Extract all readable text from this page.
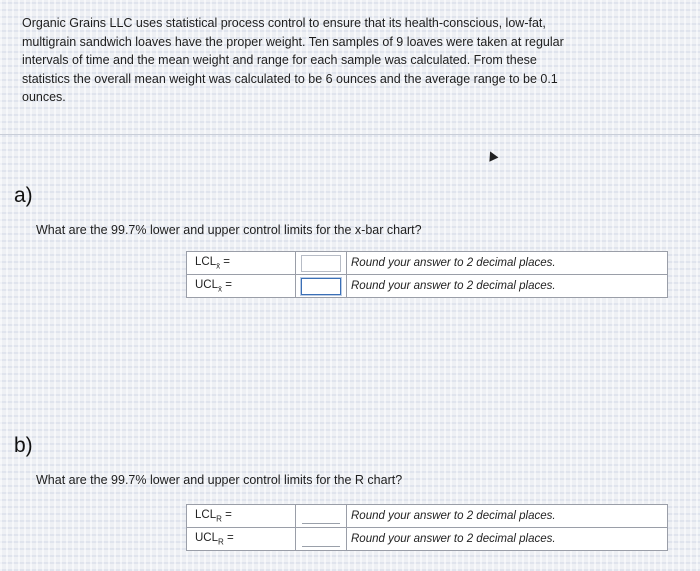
Organic Grains LLC uses statistical process control to ensure that its health-conscious, low-fat,
multigrain sandwich loaves have the proper weight. Ten samples of 9 loaves were taken at regular
intervals of time and the mean weight and range for each sample was calculated. From these
statistics the overall mean weight was calculated to be 6 ounces and the average range to be 0.1
ounces.
a)
What are the 99.7% lower and upper control limits for the x-bar chart?
$LCL_{x̄}$ =		Round your answer to 2 decimal places.
$UCL_{x̄}$ =		Round your answer to 2 decimal places.
b)
What are the 99.7% lower and upper control limits for the R chart?
$LCL_R$ =		Round your answer to 2 decimal places.
$UCL_R$ =		Round your answer to 2 decimal places.
